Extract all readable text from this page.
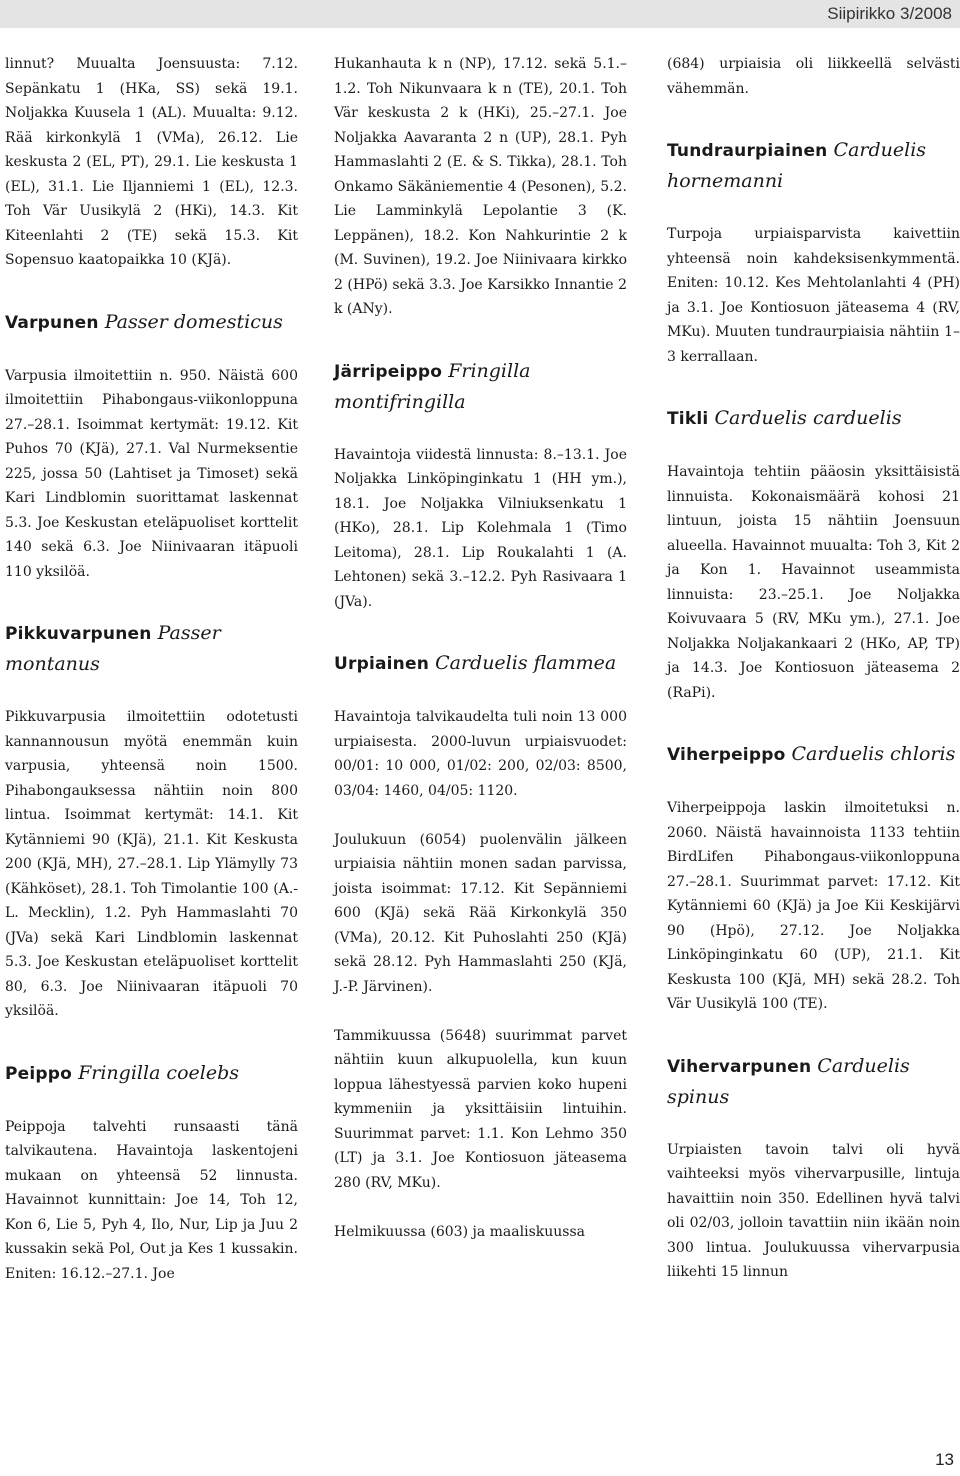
Siipirikko 3/2008

linnut? Muualta Joensuusta: 7.12. Sepänkatu 1 (HKa, SS) sekä 19.1. Noljakka Kuusela 1 (AL). Muualta: 9.12. Rää kirkonkylä 1 (VMa), 26.12. Lie keskusta 2 (EL, PT), 29.1. Lie keskusta 1 (EL), 31.1. Lie Iljanniemi 1 (EL), 12.3. Toh Vär Uusikylä 2 (HKi), 14.3. Kit Kiteenlahti 2 (TE) sekä 15.3. Kit Sopensuo kaatopaikka 10 (KJä).

Varpunen Passer domesticus

Varpusia ilmoitettiin n. 950. Näistä 600 ilmoitettiin Pihabongaus-viikonloppuna 27.–28.1. Isoimmat kertymät: 19.12. Kit Puhos 70 (KJä), 27.1. Val Nurmeksentie 225, jossa 50 (Lahtiset ja Timoset) sekä Kari Lindblomin suorittamat laskennat 5.3. Joe Keskustan eteläpuoliset korttelit 140 sekä 6.3. Joe Niinivaaran itäpuoli 110 yksilöä.

Pikkuvarpunen Passer montanus

Pikkuvarpusia ilmoitettiin odotetusti kannannousun myötä enemmän kuin varpusia, yhteensä noin 1500. Pihabongauksessa nähtiin noin 800 lintua. Isoimmat kertymät: 14.1. Kit Kytänniemi 90 (KJä), 21.1. Kit Keskusta 200 (KJä, MH), 27.–28.1. Lip Ylämylly 73 (Kähköset), 28.1. Toh Timolantie 100 (A.-L. Mecklin), 1.2. Pyh Hammaslahti 70 (JVa) sekä Kari Lindblomin laskennat 5.3. Joe Keskustan eteläpuoliset korttelit 80, 6.3. Joe Niinivaaran itäpuoli 70 yksilöä.

Peippo Fringilla coelebs

Peippoja talvehti runsaasti tänä talvikautena. Havaintoja laskentojeni mukaan on yhteensä 52 linnusta. Havainnot kunnittain: Joe 14, Toh 12, Kon 6, Lie 5, Pyh 4, Ilo, Nur, Lip ja Juu 2 kussakin sekä Pol, Out ja Kes 1 kussakin. Eniten: 16.12.–27.1. Joe

Hukanhauta k n (NP), 17.12. sekä 5.1.–1.2. Toh Nikunvaara k n (TE), 20.1. Toh Vär keskusta 2 k (HKi), 25.–27.1. Joe Noljakka Aavaranta 2 n (UP), 28.1. Pyh Hammaslahti 2 (E. & S. Tikka), 28.1. Toh Onkamo Säkäniementie 4 (Pesonen), 5.2. Lie Lamminkylä Lepolantie 3 (K. Leppänen), 18.2. Kon Nahkurintie 2 k (M. Suvinen), 19.2. Joe Niinivaara kirkko 2 (HPö) sekä 3.3. Joe Karsikko Innantie 2 k (ANy).

Järripeippo Fringilla montifringilla

Havaintoja viidestä linnusta: 8.–13.1. Joe Noljakka Linköpinginkatu 1 (HH ym.), 18.1. Joe Noljakka Vilniuksenkatu 1 (HKo), 28.1. Lip Kolehmala 1 (Timo Leitoma), 28.1. Lip Roukalahti 1 (A. Lehtonen) sekä 3.–12.2. Pyh Rasivaara 1 (JVa).

Urpiainen Carduelis flammea

Havaintoja talvikaudelta tuli noin 13 000 urpiaisesta. 2000-luvun urpiaisvuodet: 00/01: 10 000, 01/02: 200, 02/03: 8500, 03/04: 1460, 04/05: 1120.

Joulukuun (6054) puolenvälin jälkeen urpiaisia nähtiin monen sadan parvissa, joista isoimmat: 17.12. Kit Sepänniemi 600 (KJä) sekä Rää Kirkonkylä 350 (VMa), 20.12. Kit Puhoslahti 250 (KJä) sekä 28.12. Pyh Hammaslahti 250 (KJä, J.-P. Järvinen).

Tammikuussa (5648) suurimmat parvet nähtiin kuun alkupuolella, kun kuun loppua lähestyessä parvien koko hupeni kymmeniin ja yksittäisiin lintuihin. Suurimmat parvet: 1.1. Kon Lehmo 350 (LT) ja 3.1. Joe Kontiosuon jäteasema 280 (RV, MKu).

Helmikuussa (603) ja maaliskuussa

(684) urpiaisia oli liikkeellä selvästi vähemmän.

Tundraurpiainen Carduelis hornemanni

Turpoja urpiaisparvista kaivettiin yhteensä noin kahdeksisenkymmentä. Eniten: 10.12. Kes Mehtolanlahti 4 (PH) ja 3.1. Joe Kontiosuon jäteasema 4 (RV, MKu). Muuten tundraurpiaisia nähtiin 1–3 kerrallaan.

Tikli Carduelis carduelis

Havaintoja tehtiin pääosin yksittäisistä linnuista. Kokonaismäärä kohosi 21 lintuun, joista 15 nähtiin Joensuun alueella. Havainnot muualta: Toh 3, Kit 2 ja Kon 1. Havainnot useammista linnuista: 23.–25.1. Joe Noljakka Koivuvaara 5 (RV, MKu ym.), 27.1. Joe Noljakka Noljakankaari 2 (HKo, AP, TP) ja 14.3. Joe Kontiosuon jäteasema 2 (RaPi).

Viherpeippo Carduelis chloris

Viherpeippoja laskin ilmoitetuksi n. 2060. Näistä havainnoista 1133 tehtiin BirdLifen Pihabongaus-viikonloppuna 27.–28.1. Suurimmat parvet: 17.12. Kit Kytänniemi 60 (KJä) ja Joe Kii Keskijärvi 90 (Hpö), 27.12. Joe Noljakka Linköpinginkatu 60 (UP), 21.1. Kit Keskusta 100 (KJä, MH) sekä 28.2. Toh Vär Uusikylä 100 (TE).

Vihervarpunen Carduelis spinus

Urpiaisten tavoin talvi oli hyvä vaihteeksi myös vihervarpusille, lintuja havaittiin noin 350. Edellinen hyvä talvi oli 02/03, jolloin tavattiin niin ikään noin 300 lintua. Joulukuussa vihervarpusia liikehti 15 linnun

13
